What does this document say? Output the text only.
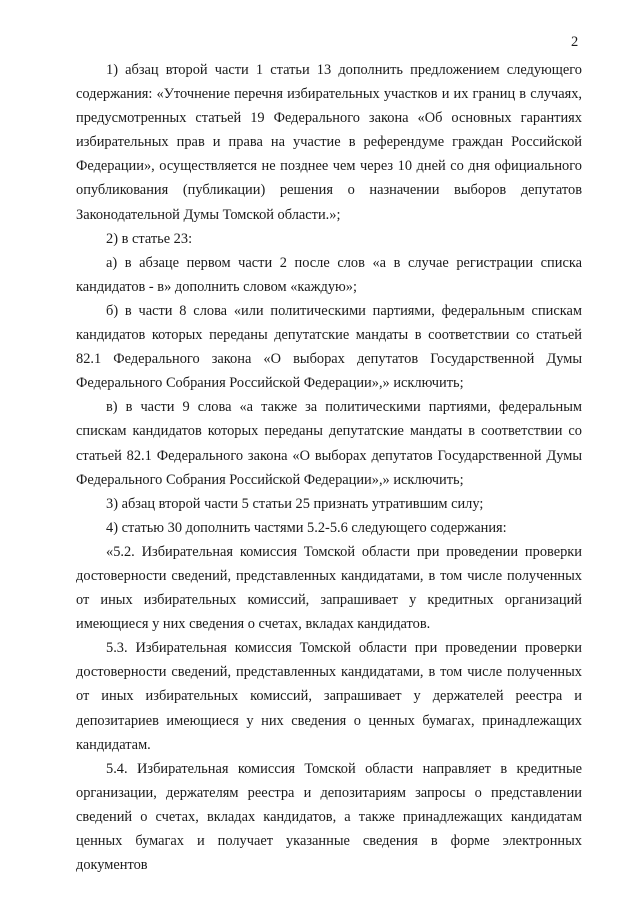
2

1) абзац второй части 1 статьи 13 дополнить предложением следующего содержания: «Уточнение перечня избирательных участков и их границ в случаях, предусмотренных статьей 19 Федерального закона «Об основных гарантиях избирательных прав и права на участие в референдуме граждан Российской Федерации», осуществляется не позднее чем через 10 дней со дня официального опубликования (публикации) решения о назначении выборов депутатов Законодательной Думы Томской области.»;

2) в статье 23:

а) в абзаце первом части 2 после слов «а в случае регистрации списка кандидатов - в» дополнить словом «каждую»;

б) в части 8 слова «или политическими партиями, федеральным спискам кандидатов которых переданы депутатские мандаты в соответствии со статьей 82.1 Федерального закона «О выборах депутатов Государственной Думы Федерального Собрания Российской Федерации»,» исключить;

в) в части 9 слова «а также за политическими партиями, федеральным спискам кандидатов которых переданы депутатские мандаты в соответствии со статьей 82.1 Федерального закона «О выборах депутатов Государственной Думы Федерального Собрания Российской Федерации»,» исключить;

3) абзац второй части 5 статьи 25 признать утратившим силу;

4) статью 30 дополнить частями 5.2-5.6 следующего содержания:

«5.2. Избирательная комиссия Томской области при проведении проверки достоверности сведений, представленных кандидатами, в том числе полученных от иных избирательных комиссий, запрашивает у кредитных организаций имеющиеся у них сведения о счетах, вкладах кандидатов.

5.3. Избирательная комиссия Томской области при проведении проверки достоверности сведений, представленных кандидатами, в том числе полученных от иных избирательных комиссий, запрашивает у держателей реестра и депозитариев имеющиеся у них сведения о ценных бумагах, принадлежащих кандидатам.

5.4. Избирательная комиссия Томской области направляет в кредитные организации, держателям реестра и депозитариям запросы о представлении сведений о счетах, вкладах кандидатов, а также принадлежащих кандидатам ценных бумагах и получает указанные сведения в форме электронных документов
